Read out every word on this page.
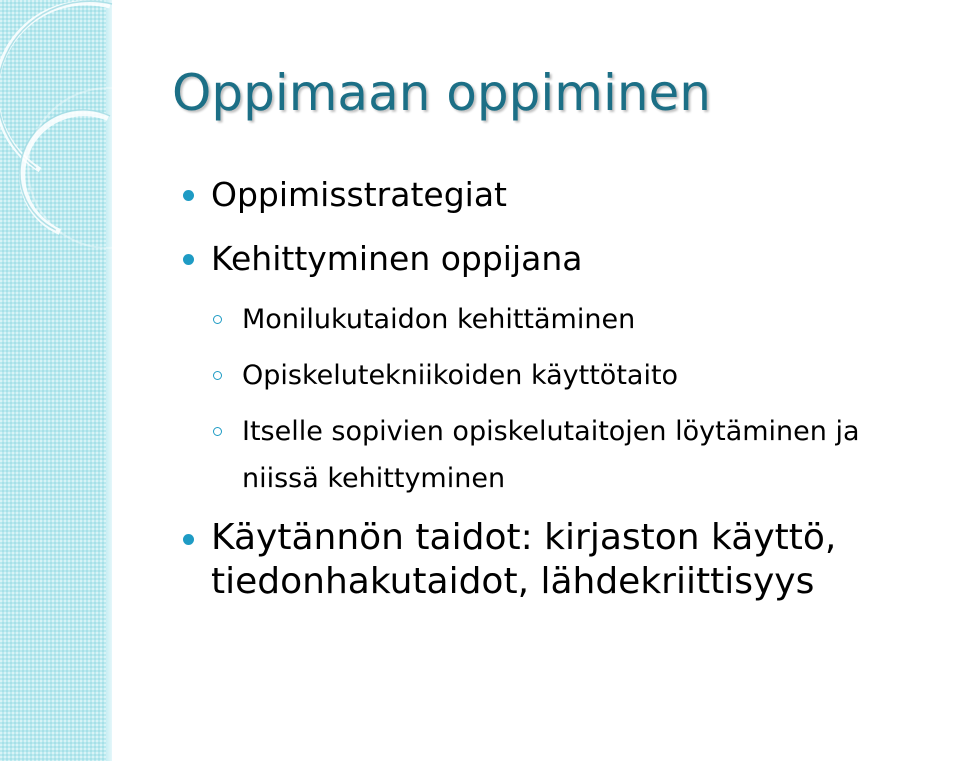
Oppimaan oppiminen
Oppimisstrategiat
Kehittyminen oppijana
Monilukutaidon kehittäminen
Opiskelutekniikoiden käyttötaito
Itselle sopivien opiskelutaitojen löytäminen ja
niissä kehittyminen
Käytännön taidot: kirjaston käyttö,
tiedonhakutaidot, lähdekriittisyys
